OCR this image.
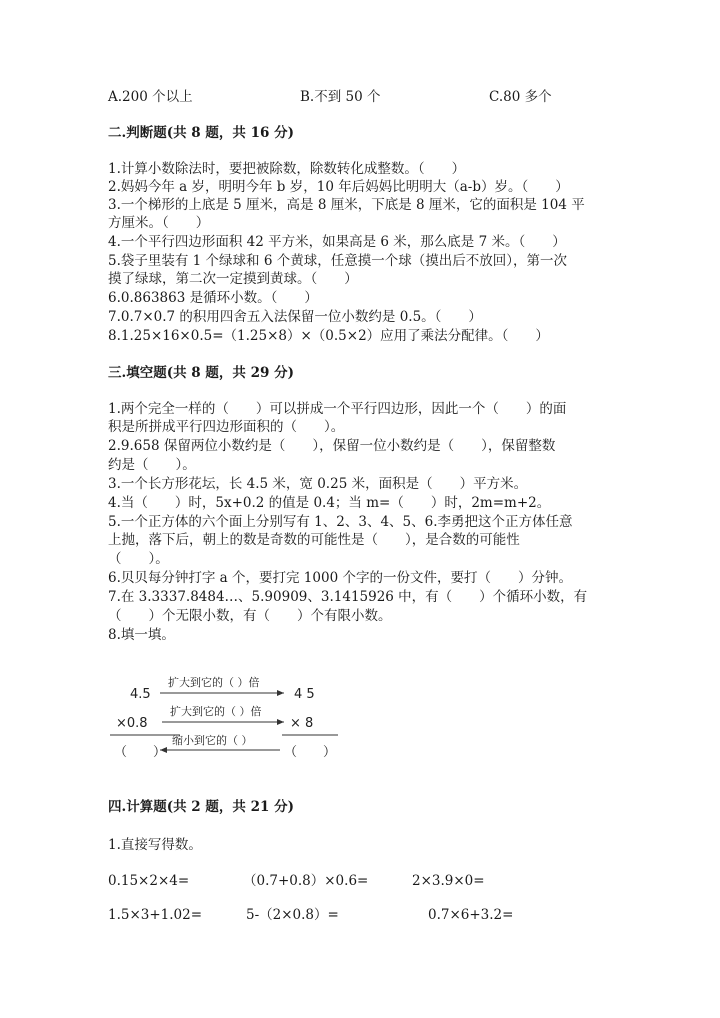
A.200 个以上	B.不到 50 个	C.80 多个
二.判断题(共 8 题，共 16 分)
1.计算小数除法时，要把被除数，除数转化成整数。（　　）
2.妈妈今年 a 岁，明明今年 b 岁，10 年后妈妈比明明大（a-b）岁。（　　）
3.一个梯形的上底是 5 厘米，高是 8 厘米，下底是 8 厘米，它的面积是 104 平
方厘米。（　　）
4.一个平行四边形面积 42 平方米，如果高是 6 米，那么底是 7 米。（　　）
5.袋子里装有 1 个绿球和 6 个黄球，任意摸一个球（摸出后不放回），第一次
摸了绿球，第二次一定摸到黄球。（　　）
6.0.863863 是循环小数。（　　）
7.0.7×0.7 的积用四舍五入法保留一位小数约是 0.5。（　　）
8.1.25×16×0.5=（1.25×8）×（0.5×2）应用了乘法分配律。（　　）
三.填空题(共 8 题，共 29 分)
1.两个完全一样的（　　）可以拼成一个平行四边形，因此一个（　　）的面
积是所拼成平行四边形面积的（　　）。
2.9.658 保留两位小数约是（　　），保留一位小数约是（　　），保留整数
约是（　　）。
3.一个长方形花坛，长 4.5 米，宽 0.25 米，面积是（　　）平方米。
4.当（　　）时，5x+0.2 的值是 0.4；当 m=（　　）时，2m=m+2。
5.一个正方体的六个面上分别写有 1、2、3、4、5、6.李勇把这个正方体任意
上抛，落下后，朝上的数是奇数的可能性是（　　），是合数的可能性
（　　）。
6.贝贝每分钟打字 a 个，要打完 1000 个字的一份文件，要打（　　）分钟。
7.在 3.3337.8484…、5.90909、3.1415926 中，有（　　）个循环小数，有
（　　）个无限小数，有（　　）个有限小数。
8.填一填。
4.5
×0.8
（　　）
4 5
× 8
（　　）
扩大到它的（ ）倍
扩大到它的（ ）倍
缩小到它的（ ）
四.计算题(共 2 题，共 21 分)
1.直接写得数。
0.15×2×4=	（0.7+0.8）×0.6=	2×3.9×0=
1.5×3+1.02=	5-（2×0.8）=	0.7×6+3.2=
